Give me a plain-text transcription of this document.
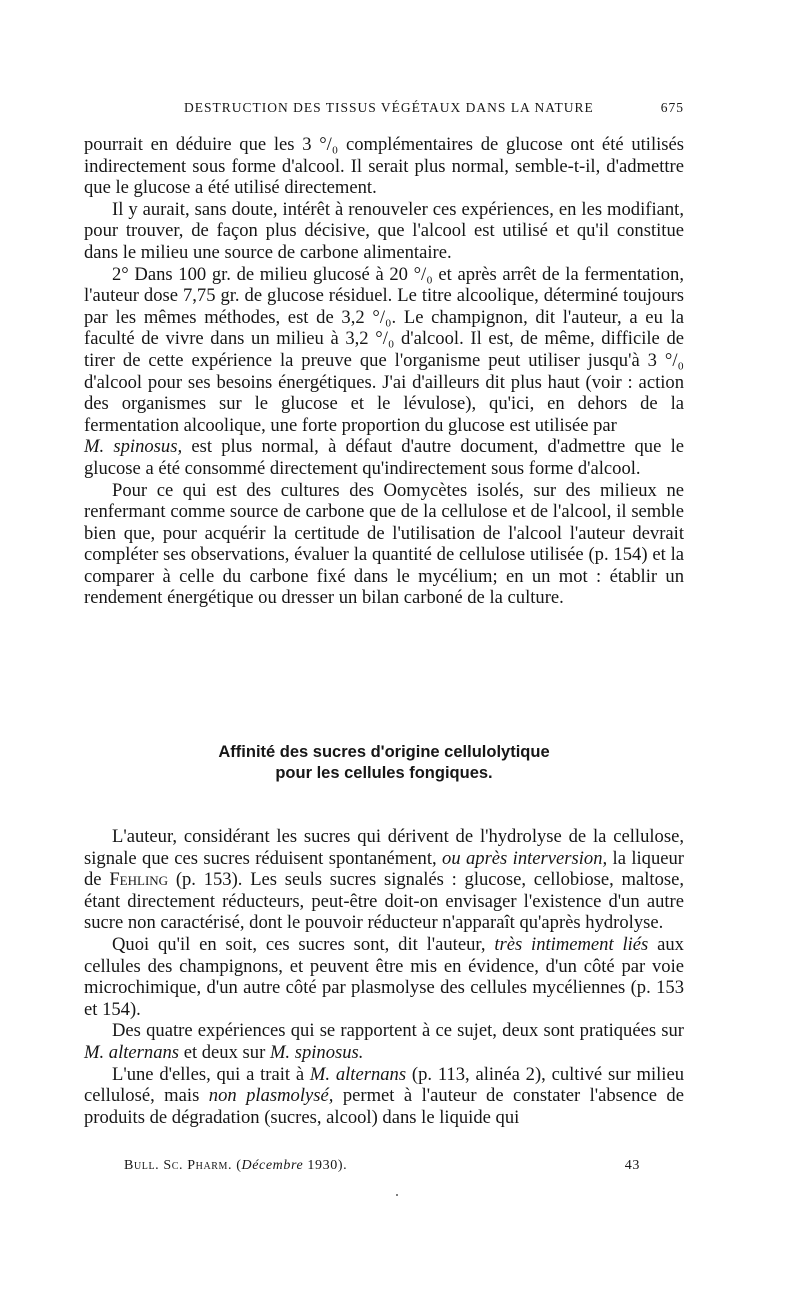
DESTRUCTION DES TISSUS VÉGÉTAUX DANS LA NATURE	675

pourrait en déduire que les 3 °/₀ complémentaires de glucose ont été utilisés indirectement sous forme d'alcool. Il serait plus normal, semble-t-il, d'admettre que le glucose a été utilisé directement.

Il y aurait, sans doute, intérêt à renouveler ces expériences, en les modifiant, pour trouver, de façon plus décisive, que l'alcool est utilisé et qu'il constitue dans le milieu une source de carbone alimentaire.

2° Dans 100 gr. de milieu glucosé à 20 °/₀ et après arrêt de la fermentation, l'auteur dose 7,75 gr. de glucose résiduel. Le titre alcoolique, déterminé toujours par les mêmes méthodes, est de 3,2 °/₀. Le champignon, dit l'auteur, a eu la faculté de vivre dans un milieu à 3,2 °/₀ d'alcool. Il est, de même, difficile de tirer de cette expérience la preuve que l'organisme peut utiliser jusqu'à 3 °/₀ d'alcool pour ses besoins énergétiques. J'ai d'ailleurs dit plus haut (voir : action des organismes sur le glucose et le lévulose), qu'ici, en dehors de la fermentation alcoolique, une forte proportion du glucose est utilisée par

M. spinosus, est plus normal, à défaut d'autre document, d'admettre que le glucose a été consommé directement qu'indirectement sous forme d'alcool.

Pour ce qui est des cultures des Oomycètes isolés, sur des milieux ne renfermant comme source de carbone que de la cellulose et de l'alcool, il semble bien que, pour acquérir la certitude de l'utilisation de l'alcool l'auteur devrait compléter ses observations, évaluer la quantité de cellulose utilisée (p. 154) et la comparer à celle du carbone fixé dans le mycélium; en un mot : établir un rendement énergétique ou dresser un bilan carboné de la culture.

Affinité des sucres d'origine cellulolytique
pour les cellules fongiques.

L'auteur, considérant les sucres qui dérivent de l'hydrolyse de la cellulose, signale que ces sucres réduisent spontanément, ou après interversion, la liqueur de Fehling (p. 153). Les seuls sucres signalés : glucose, cellobiose, maltose, étant directement réducteurs, peut-être doit-on envisager l'existence d'un autre sucre non caractérisé, dont le pouvoir réducteur n'apparaît qu'après hydrolyse.

Quoi qu'il en soit, ces sucres sont, dit l'auteur, très intimement liés aux cellules des champignons, et peuvent être mis en évidence, d'un côté par voie microchimique, d'un autre côté par plasmolyse des cellules mycéliennes (p. 153 et 154).

Des quatre expériences qui se rapportent à ce sujet, deux sont pratiquées sur M. alternans et deux sur M. spinosus.

L'une d'elles, qui a trait à M. alternans (p. 113, alinéa 2), cultivé sur milieu cellulosé, mais non plasmolysé, permet à l'auteur de constater l'absence de produits de dégradation (sucres, alcool) dans le liquide qui

Bull. Sc. Pharm. (Décembre 1930).	43
